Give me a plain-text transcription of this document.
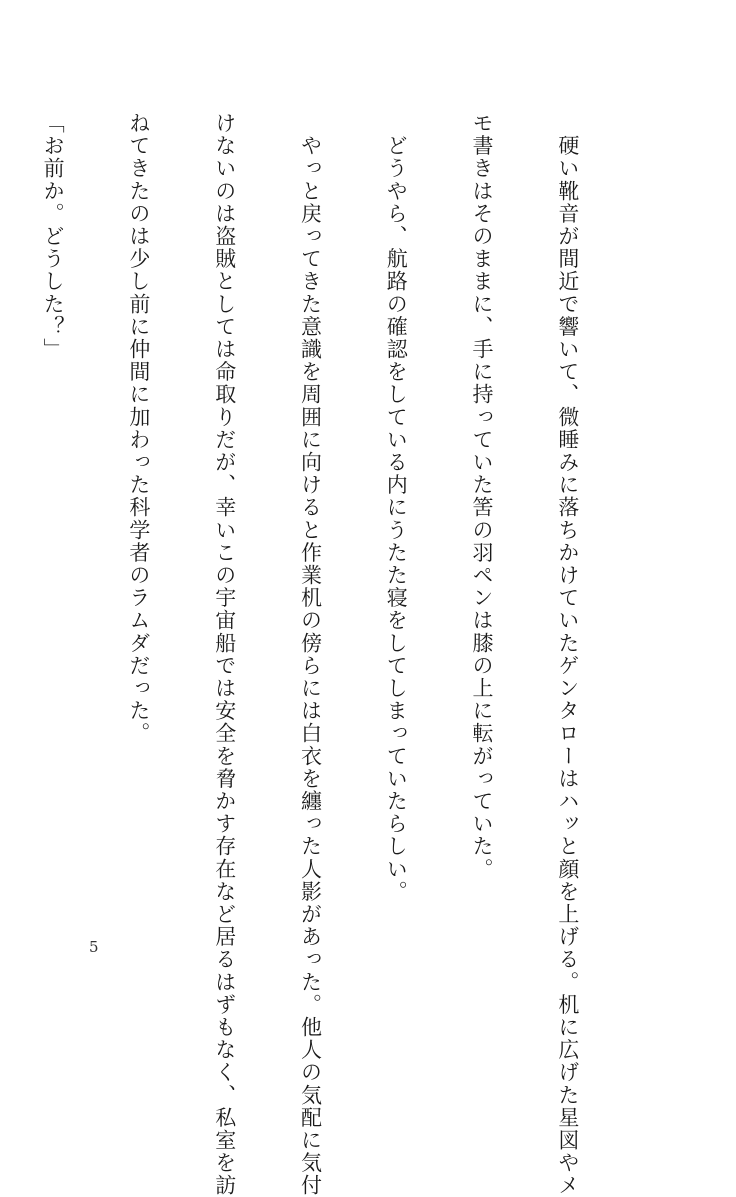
　硬い靴音が間近で響いて、微睡みに落ちかけていたゲンタローはハッと顔を上げる。机に広げた星図やメ

モ書きはそのままに、手に持っていた筈の羽ペンは膝の上に転がっていた。

　どうやら、航路の確認をしている内にうたた寝をしてしまっていたらしい。

　やっと戻ってきた意識を周囲に向けると作業机の傍らには白衣を纏った人影があった。他人の気配に気付

けないのは盗賊としては命取りだが、幸いこの宇宙船では安全を脅かす存在など居るはずもなく、私室を訪

ねてきたのは少し前に仲間に加わった科学者のラムダだった。

「お前か。どうした？」

5
